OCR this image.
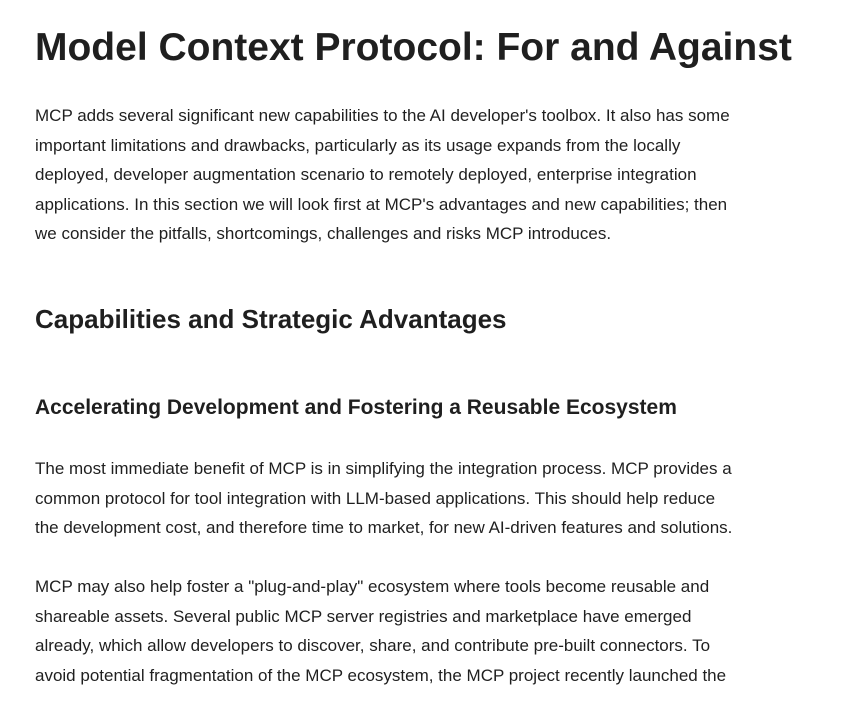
Model Context Protocol: For and Against
MCP adds several significant new capabilities to the AI developer's toolbox. It also has some
important limitations and drawbacks, particularly as its usage expands from the locally
deployed, developer augmentation scenario to remotely deployed, enterprise integration
applications. In this section we will look first at MCP's advantages and new capabilities; then
we consider the pitfalls, shortcomings, challenges and risks MCP introduces.
Capabilities and Strategic Advantages
Accelerating Development and Fostering a Reusable Ecosystem
The most immediate benefit of MCP is in simplifying the integration process. MCP provides a
common protocol for tool integration with LLM-based applications. This should help reduce
the development cost, and therefore time to market, for new AI-driven features and solutions.
MCP may also help foster a "plug-and-play" ecosystem where tools become reusable and
shareable assets. Several public MCP server registries and marketplace have emerged
already, which allow developers to discover, share, and contribute pre-built connectors. To
avoid potential fragmentation of the MCP ecosystem, the MCP project recently launched the
